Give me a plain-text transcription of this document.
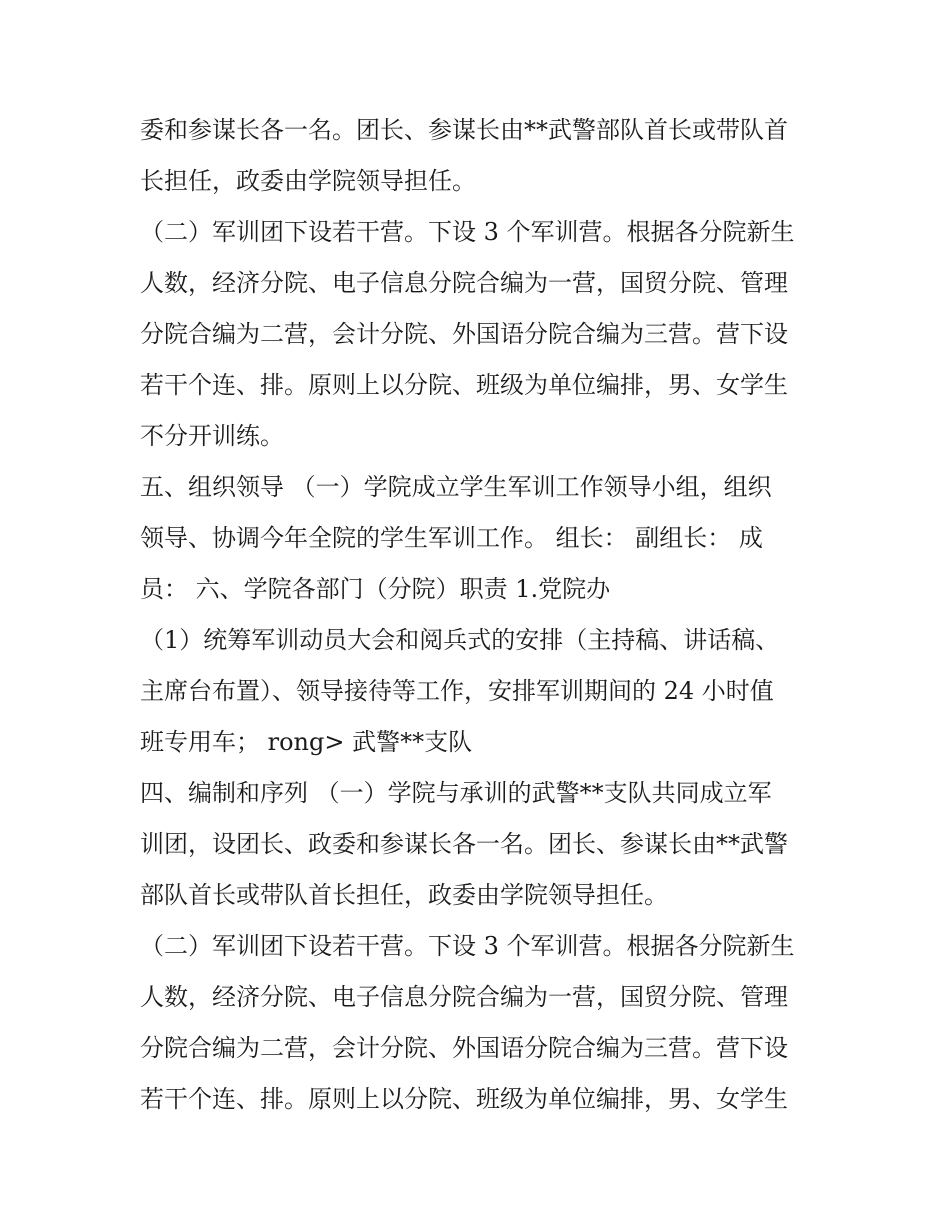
委和参谋长各一名。团长、参谋长由**武警部队首长或带队首
长担任，政委由学院领导担任。
（二）军训团下设若干营。下设 3 个军训营。根据各分院新生
人数，经济分院、电子信息分院合编为一营，国贸分院、管理
分院合编为二营，会计分院、外国语分院合编为三营。营下设
若干个连、排。原则上以分院、班级为单位编排，男、女学生
不分开训练。
五、组织领导 （一）学院成立学生军训工作领导小组，组织
领导、协调今年全院的学生军训工作。 组长： 副组长： 成
员： 六、学院各部门（分院）职责 1.党院办
（1）统筹军训动员大会和阅兵式的安排（主持稿、讲话稿、
主席台布置）、领导接待等工作，安排军训期间的 24 小时值
班专用车； rong> 武警**支队
四、编制和序列 （一）学院与承训的武警**支队共同成立军
训团，设团长、政委和参谋长各一名。团长、参谋长由**武警
部队首长或带队首长担任，政委由学院领导担任。
（二）军训团下设若干营。下设 3 个军训营。根据各分院新生
人数，经济分院、电子信息分院合编为一营，国贸分院、管理
分院合编为二营，会计分院、外国语分院合编为三营。营下设
若干个连、排。原则上以分院、班级为单位编排，男、女学生
